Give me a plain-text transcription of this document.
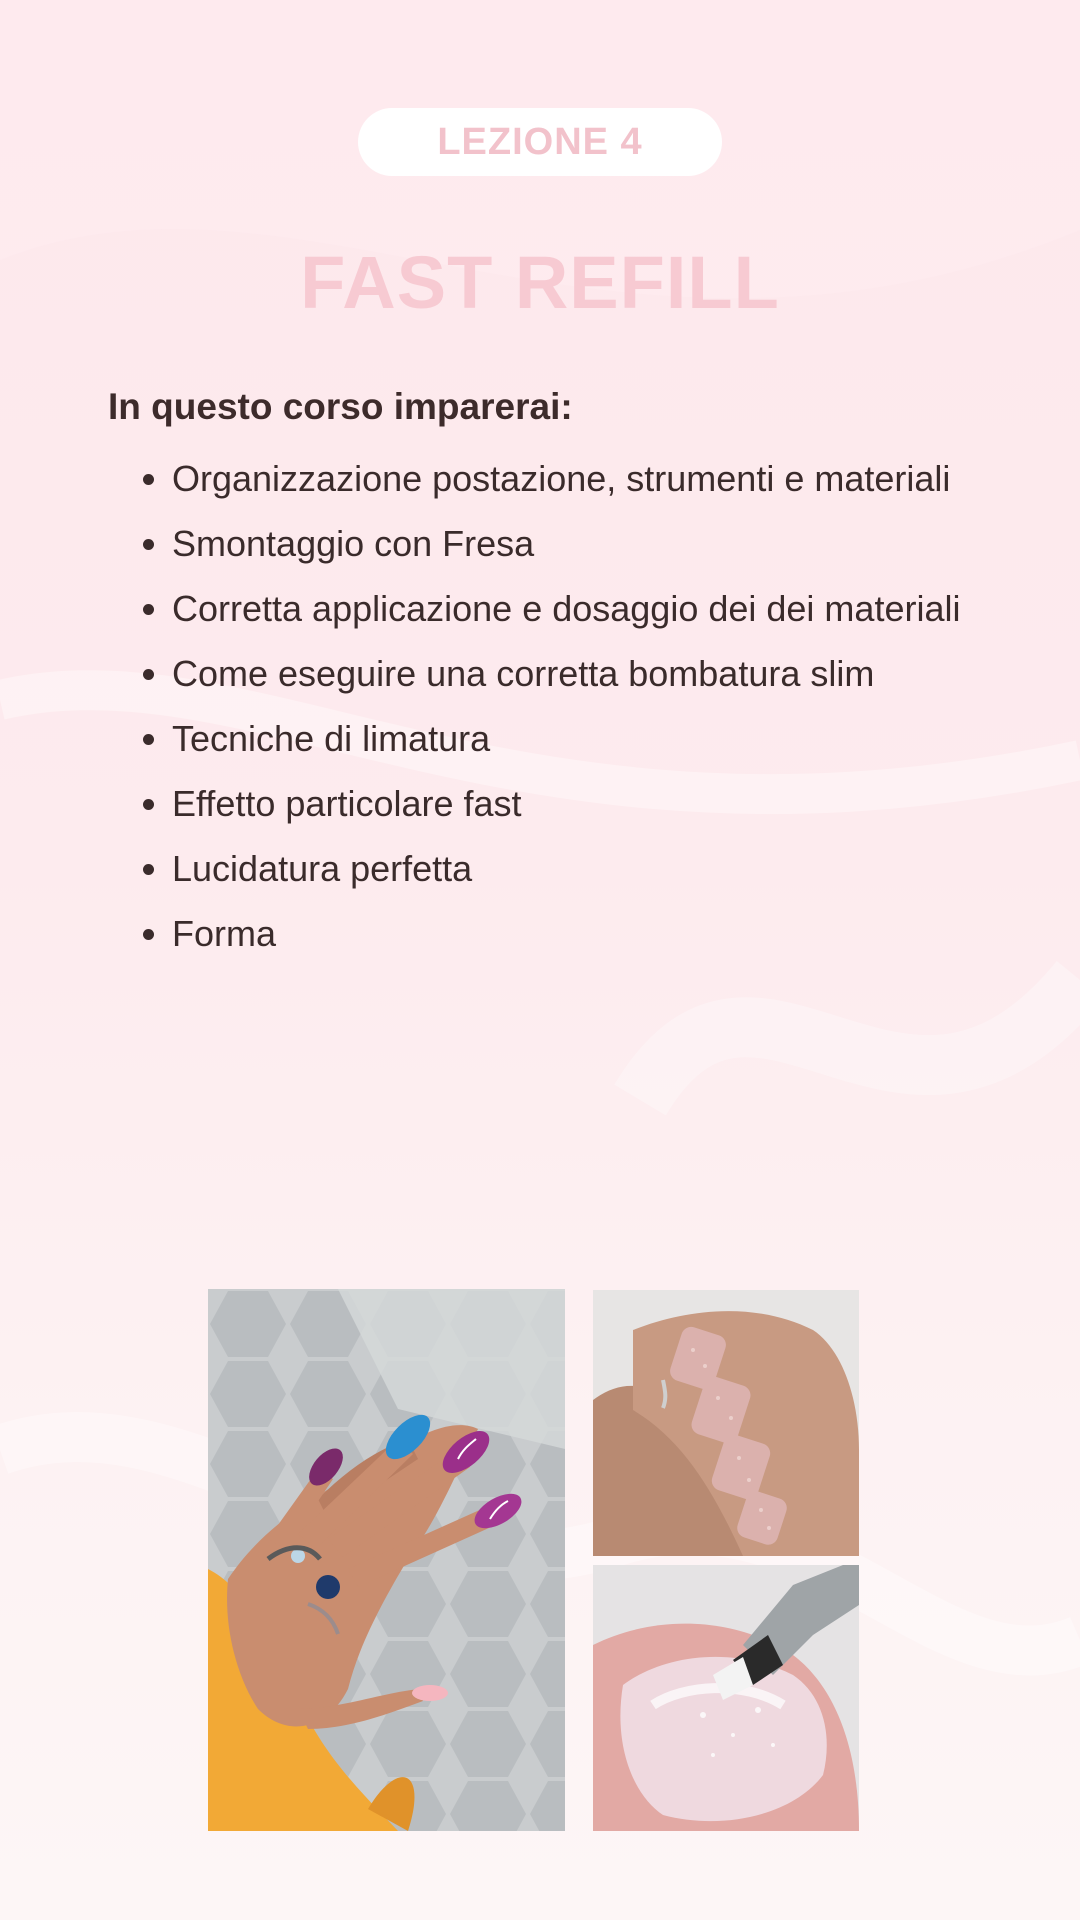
LEZIONE 4
FAST REFILL
In questo corso imparerai:
Organizzazione postazione, strumenti e materiali
Smontaggio con Fresa
Corretta applicazione e dosaggio dei dei materiali
Come eseguire una corretta bombatura slim
Tecniche di limatura
Effetto particolare fast
Lucidatura perfetta
Forma
